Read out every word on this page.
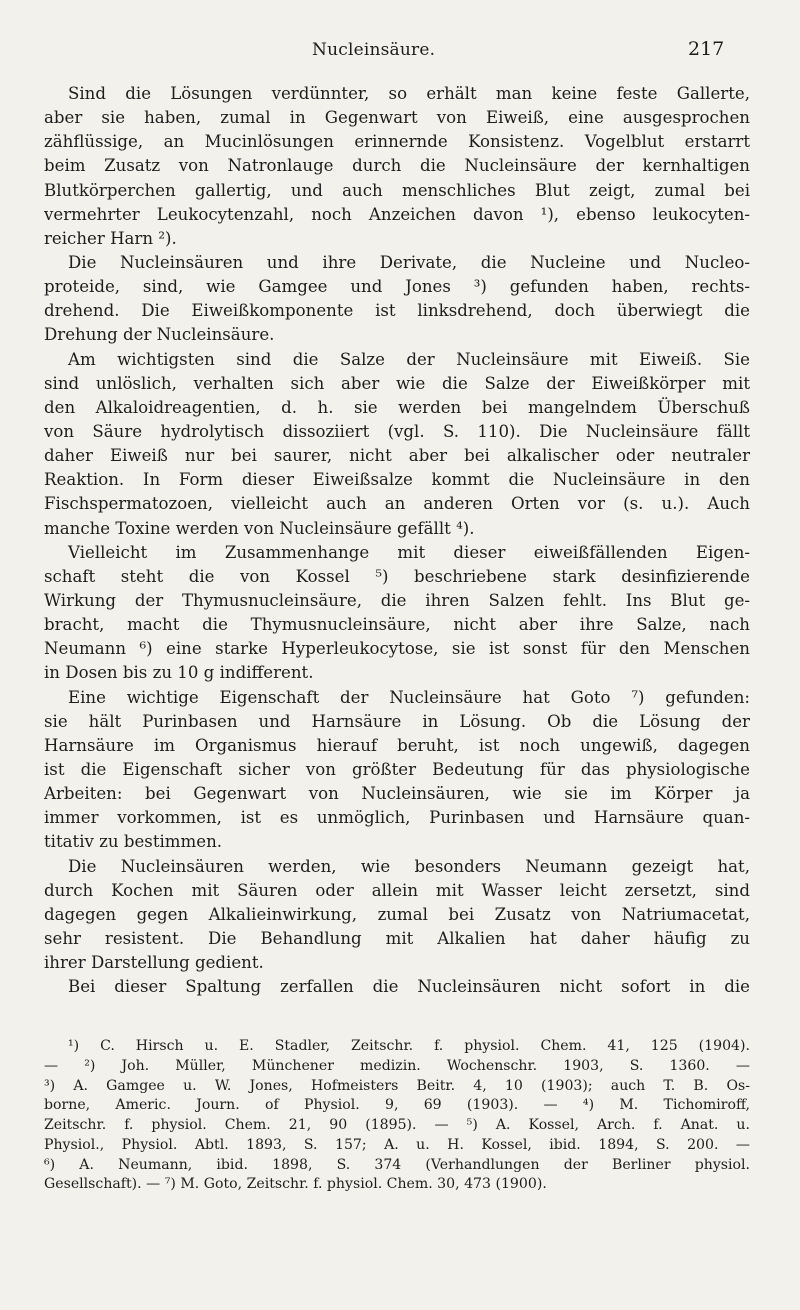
Nucleinsäure.	217
Sind die Lösungen verdünnter, so erhält man keine feste Gallerte,
aber sie haben, zumal in Gegenwart von Eiweiß, eine ausgesprochen
zähflüssige, an Mucinlösungen erinnernde Konsistenz. Vogelblut erstarrt
beim Zusatz von Natronlauge durch die Nucleinsäure der kernhaltigen
Blutkörperchen gallertig, und auch menschliches Blut zeigt, zumal bei
vermehrter Leukocytenzahl, noch Anzeichen davon ¹), ebenso leukocyten-
reicher Harn ²).
Die Nucleinsäuren und ihre Derivate, die Nucleine und Nucleo-
proteide, sind, wie Gamgee und Jones ³) gefunden haben, rechts-
drehend. Die Eiweißkomponente ist linksdrehend, doch überwiegt die
Drehung der Nucleinsäure.
Am wichtigsten sind die Salze der Nucleinsäure mit Eiweiß. Sie
sind unlöslich, verhalten sich aber wie die Salze der Eiweißkörper mit
den Alkaloidreagentien, d. h. sie werden bei mangelndem Überschuß
von Säure hydrolytisch dissoziiert (vgl. S. 110). Die Nucleinsäure fällt
daher Eiweiß nur bei saurer, nicht aber bei alkalischer oder neutraler
Reaktion. In Form dieser Eiweißsalze kommt die Nucleinsäure in den
Fischspermatozoen, vielleicht auch an anderen Orten vor (s. u.). Auch
manche Toxine werden von Nucleinsäure gefällt ⁴).
Vielleicht im Zusammenhange mit dieser eiweißfällenden Eigen-
schaft steht die von Kossel ⁵) beschriebene stark desinfizierende
Wirkung der Thymusnucleinsäure, die ihren Salzen fehlt. Ins Blut ge-
bracht, macht die Thymusnucleinsäure, nicht aber ihre Salze, nach
Neumann ⁶) eine starke Hyperleukocytose, sie ist sonst für den Menschen
in Dosen bis zu 10 g indifferent.
Eine wichtige Eigenschaft der Nucleinsäure hat Goto ⁷) gefunden:
sie hält Purinbasen und Harnsäure in Lösung. Ob die Lösung der
Harnsäure im Organismus hierauf beruht, ist noch ungewiß, dagegen
ist die Eigenschaft sicher von größter Bedeutung für das physiologische
Arbeiten: bei Gegenwart von Nucleinsäuren, wie sie im Körper ja
immer vorkommen, ist es unmöglich, Purinbasen und Harnsäure quan-
titativ zu bestimmen.
Die Nucleinsäuren werden, wie besonders Neumann gezeigt hat,
durch Kochen mit Säuren oder allein mit Wasser leicht zersetzt, sind
dagegen gegen Alkalieinwirkung, zumal bei Zusatz von Natriumacetat,
sehr resistent. Die Behandlung mit Alkalien hat daher häufig zu
ihrer Darstellung gedient.
Bei dieser Spaltung zerfallen die Nucleinsäuren nicht sofort in die
¹) C. Hirsch u. E. Stadler, Zeitschr. f. physiol. Chem. 41, 125 (1904).
— ²) Joh. Müller, Münchener medizin. Wochenschr. 1903, S. 1360. —
³) A. Gamgee u. W. Jones, Hofmeisters Beitr. 4, 10 (1903); auch T. B. Os-
borne, Americ. Journ. of Physiol. 9, 69 (1903). — ⁴) M. Tichomiroff,
Zeitschr. f. physiol. Chem. 21, 90 (1895). — ⁵) A. Kossel, Arch. f. Anat. u.
Physiol., Physiol. Abtl. 1893, S. 157; A. u. H. Kossel, ibid. 1894, S. 200. —
⁶) A. Neumann, ibid. 1898, S. 374 (Verhandlungen der Berliner physiol.
Gesellschaft). — ⁷) M. Goto, Zeitschr. f. physiol. Chem. 30, 473 (1900).
